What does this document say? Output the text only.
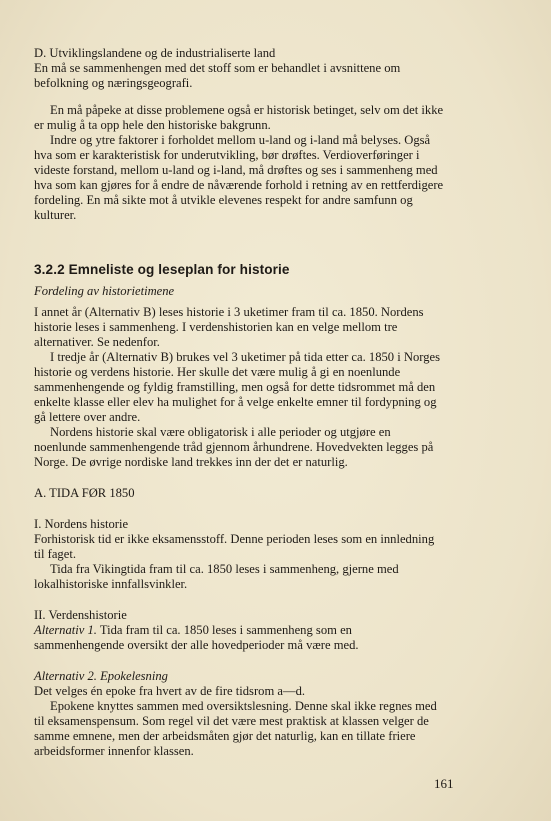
D. Utviklingslandene og de industrialiserte land

En må se sammenhengen med det stoff som er behandlet i avsnittene om befolkning og næringsgeografi.

En må påpeke at disse problemene også er historisk betinget, selv om det ikke er mulig å ta opp hele den historiske bakgrunn.

Indre og ytre faktorer i forholdet mellom u-land og i-land må belyses. Også hva som er karakteristisk for underutvikling, bør drøftes. Verdioverføringer i videste forstand, mellom u-land og i-land, må drøftes og ses i sammenheng med hva som kan gjøres for å endre de nåværende forhold i retning av en rettferdigere fordeling. En må sikte mot å utvikle elevenes respekt for andre samfunn og kulturer.

3.2.2 Emneliste og leseplan for historie

Fordeling av historietimene

I annet år (Alternativ B) leses historie i 3 uketimer fram til ca. 1850. Nordens historie leses i sammenheng. I verdenshistorien kan en velge mellom tre alternativer. Se nedenfor.

I tredje år (Alternativ B) brukes vel 3 uketimer på tida etter ca. 1850 i Norges historie og verdens historie. Her skulle det være mulig å gi en noenlunde sammenhengende og fyldig framstilling, men også for dette tidsrommet må den enkelte klasse eller elev ha mulighet for å velge enkelte emner til fordypning og gå lettere over andre.

Nordens historie skal være obligatorisk i alle perioder og utgjøre en noenlunde sammenhengende tråd gjennom århundrene. Hovedvekten legges på Norge. De øvrige nordiske land trekkes inn der det er naturlig.

A. TIDA FØR 1850

I. Nordens historie

Forhistorisk tid er ikke eksamensstoff. Denne perioden leses som en innledning til faget.

Tida fra Vikingtida fram til ca. 1850 leses i sammenheng, gjerne med lokalhistoriske innfallsvinkler.

II. Verdenshistorie

Alternativ 1. Tida fram til ca. 1850 leses i sammenheng som en sammenhengende oversikt der alle hovedperioder må være med.

Alternativ 2. Epokelesning

Det velges én epoke fra hvert av de fire tidsrom a—d.

Epokene knyttes sammen med oversiktslesning. Denne skal ikke regnes med til eksamenspensum. Som regel vil det være mest praktisk at klassen velger de samme emnene, men der arbeidsmåten gjør det naturlig, kan en tillate friere arbeidsformer innenfor klassen.

161
